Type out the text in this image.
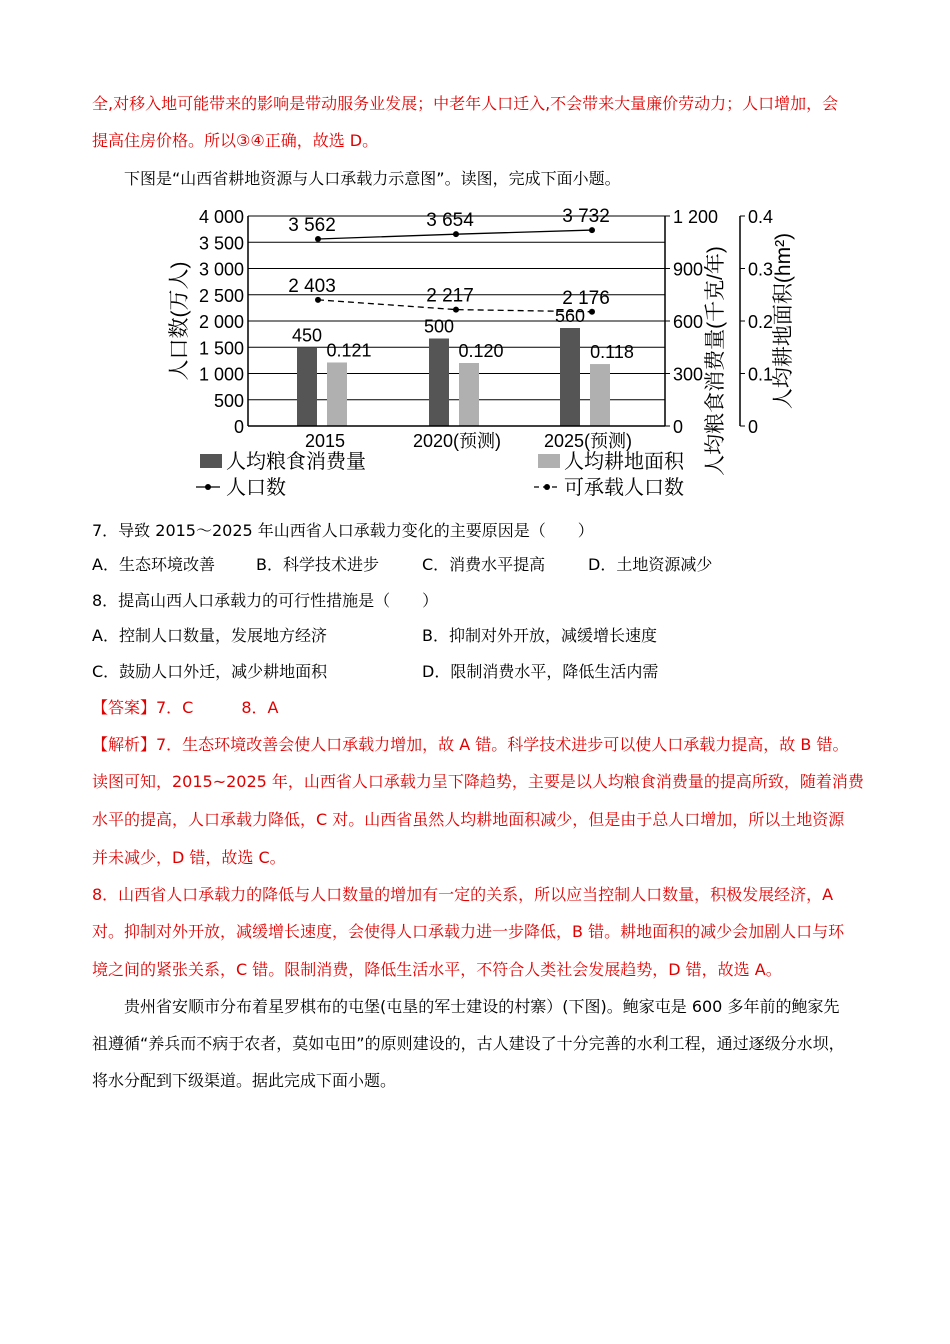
全,对移入地可能带来的影响是带动服务业发展；中老年人口迁入,不会带来大量廉价劳动力；人口增加，会
提高住房价格。所以③④正确，故选 D。
下图是“山西省耕地资源与人口承载力示意图”。读图，完成下面小题。
0
500
1 000
1 500
2 000
2 500
3 000
3 500
4 000
0
300
600
900
1 200
0
0.1
0.2
0.3
0.4
人口数(万人)	人均粮食消费量(千克/年) 人均耕地面积(hm²)
2015	2020(预测) 2025(预测)
450
0.121
500
0.120
560
0.118
3 562	3 654	3 732
2 403	2 217	2 176
人均粮食消费量	人均耕地面积
人口数	可承载人口数
7．导致 2015～2025 年山西省人口承载力变化的主要原因是（　　）
A．生态环境改善	B．科学技术进步	C．消费水平提高	D．土地资源减少
8．提高山西人口承载力的可行性措施是（　　）
A．控制人口数量，发展地方经济	B．抑制对外开放，减缓增长速度
C．鼓励人口外迁，减少耕地面积	D．限制消费水平，降低生活内需
【答案】7．C　　　8．A
【解析】7．生态环境改善会使人口承载力增加，故 A 错。科学技术进步可以使人口承载力提高，故 B 错。
读图可知，2015~2025 年，山西省人口承载力呈下降趋势，主要是以人均粮食消费量的提高所致，随着消费
水平的提高，人口承载力降低，C 对。山西省虽然人均耕地面积减少，但是由于总人口增加，所以土地资源
并未减少，D 错，故选 C。
8．山西省人口承载力的降低与人口数量的增加有一定的关系，所以应当控制人口数量，积极发展经济，A
对。抑制对外开放，减缓增长速度，会使得人口承载力进一步降低，B 错。耕地面积的减少会加剧人口与环
境之间的紧张关系，C 错。限制消费，降低生活水平，不符合人类社会发展趋势，D 错，故选 A。
贵州省安顺市分布着星罗棋布的屯堡(屯垦的军士建设的村寨）(下图)。鲍家屯是 600 多年前的鲍家先
祖遵循“养兵而不病于农者，莫如屯田”的原则建设的，古人建设了十分完善的水利工程，通过逐级分水坝，
将水分配到下级渠道。据此完成下面小题。
